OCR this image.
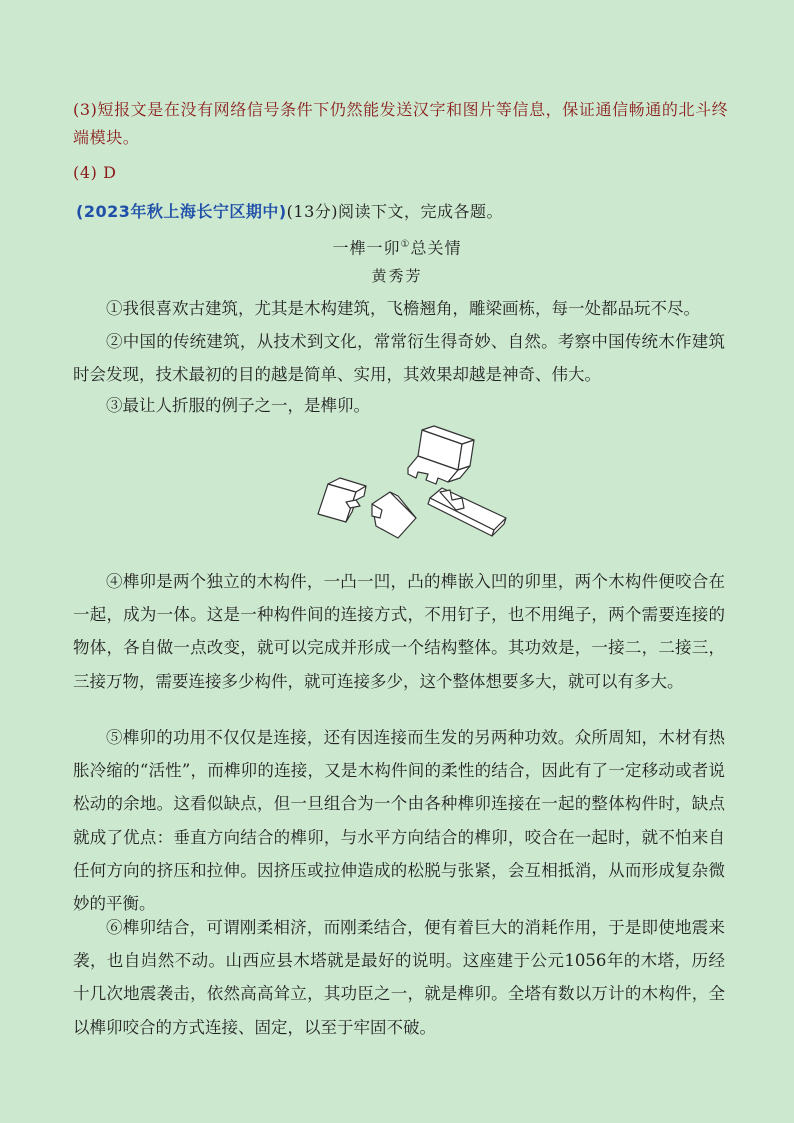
(3)短报文是在没有网络信号条件下仍然能发送汉字和图片等信息，保证通信畅通的北斗终端模块。
(4) D
(2023年秋上海长宁区期中)(13分)阅读下文，完成各题。
一榫一卯①总关情
黄秀芳
①我很喜欢古建筑，尤其是木构建筑，飞檐翘角，雕梁画栋，每一处都品玩不尽。
②中国的传统建筑，从技术到文化，常常衍生得奇妙、自然。考察中国传统木作建筑时会发现，技术最初的目的越是简单、实用，其效果却越是神奇、伟大。
③最让人折服的例子之一，是榫卯。
④榫卯是两个独立的木构件，一凸一凹，凸的榫嵌入凹的卯里，两个木构件便咬合在一起，成为一体。这是一种构件间的连接方式，不用钉子，也不用绳子，两个需要连接的物体，各自做一点改变，就可以完成并形成一个结构整体。其功效是，一接二，二接三，三接万物，需要连接多少构件，就可连接多少，这个整体想要多大，就可以有多大。
⑤榫卯的功用不仅仅是连接，还有因连接而生发的另两种功效。众所周知，木材有热胀冷缩的“活性”，而榫卯的连接，又是木构件间的柔性的结合，因此有了一定移动或者说松动的余地。这看似缺点，但一旦组合为一个由各种榫卯连接在一起的整体构件时，缺点就成了优点：垂直方向结合的榫卯，与水平方向结合的榫卯，咬合在一起时，就不怕来自任何方向的挤压和拉伸。因挤压或拉伸造成的松脱与张紧，会互相抵消，从而形成复杂微妙的平衡。
⑥榫卯结合，可谓刚柔相济，而刚柔结合，便有着巨大的消耗作用，于是即使地震来袭，也自岿然不动。山西应县木塔就是最好的说明。这座建于公元1056年的木塔，历经十几次地震袭击，依然高高耸立，其功臣之一，就是榫卯。全塔有数以万计的木构件，全以榫卯咬合的方式连接、固定，以至于牢固不破。
